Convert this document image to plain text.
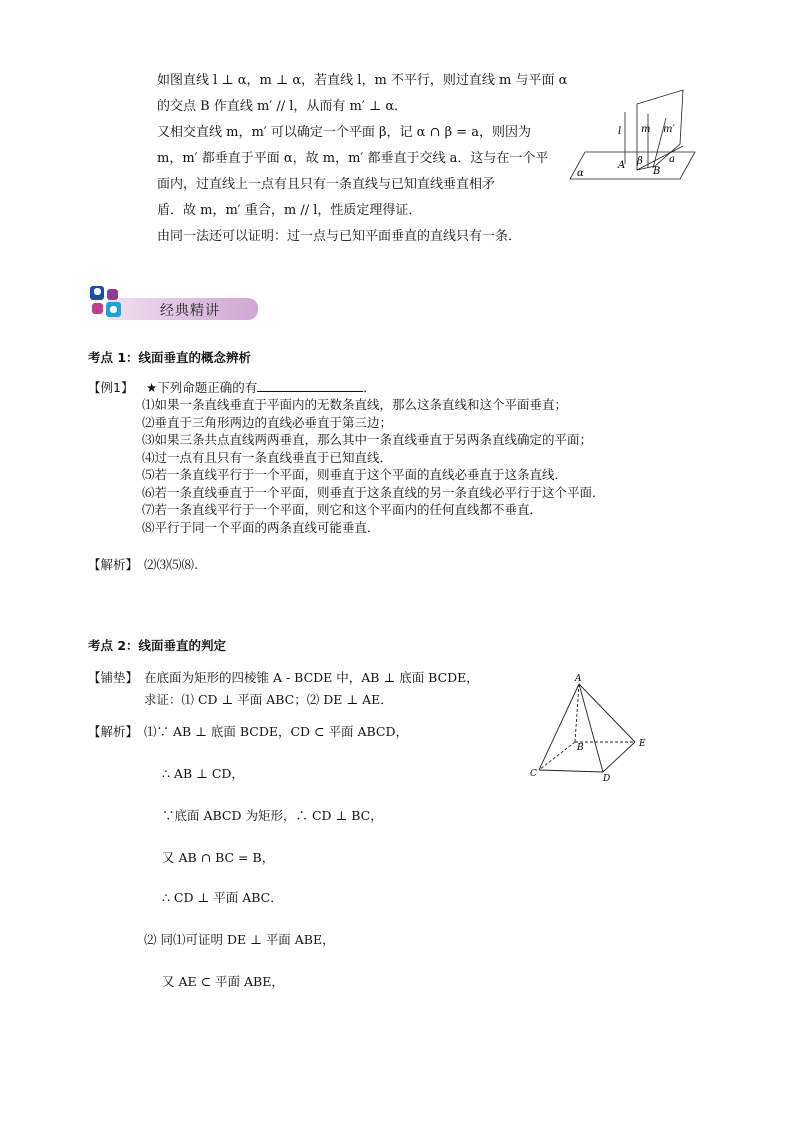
如图直线 l ⊥ α，m ⊥ α，若直线 l，m 不平行，则过直线 m 与平面 α
的交点 B 作直线 m′ // l，从而有 m′ ⊥ α．
又相交直线 m，m′ 可以确定一个平面 β，记 α ∩ β = a，则因为
m，m′ 都垂直于平面 α，故 m，m′ 都垂直于交线 a．这与在一个平
面内，过直线上一点有且只有一条直线与已知直线垂直相矛
盾．故 m，m′ 重合，m // l，性质定理得证．
由同一法还可以证明：过一点与已知平面垂直的直线只有一条．
l m m′
A
B
β
α
a
经典精讲
考点 1：线面垂直的概念辨析
【例1】 ★下列命题正确的有	．
⑴如果一条直线垂直于平面内的无数条直线，那么这条直线和这个平面垂直；
⑵垂直于三角形两边的直线必垂直于第三边；
⑶如果三条共点直线两两垂直，那么其中一条直线垂直于另两条直线确定的平面；
⑷过一点有且只有一条直线垂直于已知直线．
⑸若一条直线平行于一个平面，则垂直于这个平面的直线必垂直于这条直线．
⑹若一条直线垂直于一个平面，则垂直于这条直线的另一条直线必平行于这个平面．
⑺若一条直线平行于一个平面，则它和这个平面内的任何直线都不垂直．
⑻平行于同一个平面的两条直线可能垂直．
【解析】 ⑵⑶⑸⑻.
考点 2：线面垂直的判定
【铺垫】 在底面为矩形的四棱锥 A - BCDE 中，AB ⊥ 底面 BCDE，
求证：⑴ CD ⊥ 平面 ABC；⑵ DE ⊥ AE．
【解析】 ⑴∵ AB ⊥ 底面 BCDE，CD ⊂ 平面 ABCD，
∴ AB ⊥ CD，
∵底面 ABCD 为矩形，∴ CD ⊥ BC，
又 AB ∩ BC = B，
∴ CD ⊥ 平面 ABC．
⑵ 同⑴可证明 DE ⊥ 平面 ABE，
又 AE ⊂ 平面 ABE，
A
B
C	D
E
